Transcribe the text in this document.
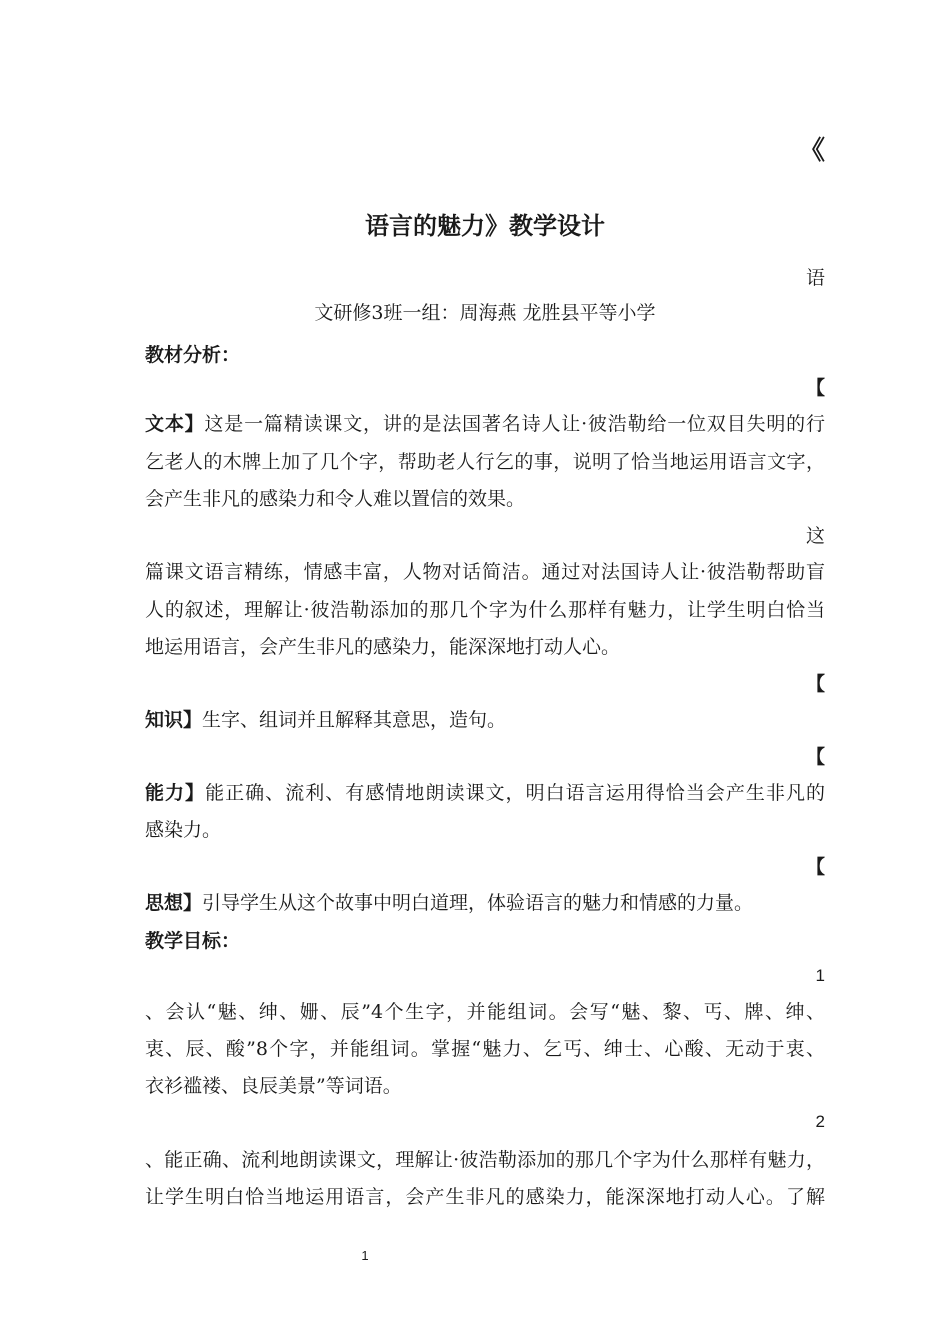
《
语言的魅力》教学设计
语
文研修3班一组：周海燕 龙胜县平等小学
教材分析：
【
文本】这是一篇精读课文，讲的是法国著名诗人让·彼浩勒给一位双目失明的行
乞老人的木牌上加了几个字，帮助老人行乞的事，说明了恰当地运用语言文字，
会产生非凡的感染力和令人难以置信的效果。
这
篇课文语言精练，情感丰富，人物对话简洁。通过对法国诗人让·彼浩勒帮助盲
人的叙述，理解让·彼浩勒添加的那几个字为什么那样有魅力，让学生明白恰当
地运用语言，会产生非凡的感染力，能深深地打动人心。
【
知识】生字、组词并且解释其意思，造句。
【
能力】能正确、流利、有感情地朗读课文，明白语言运用得恰当会产生非凡的
感染力。
【
思想】引导学生从这个故事中明白道理，体验语言的魅力和情感的力量。
教学目标：
1
、会认“魅、绅、姗、辰”4个生字，并能组词。会写“魅、黎、丐、牌、绅、
衷、辰、酸”8个字，并能组词。掌握“魅力、乞丐、绅士、心酸、无动于衷、
衣衫褴褛、良辰美景”等词语。
2
、能正确、流利地朗读课文，理解让·彼浩勒添加的那几个字为什么那样有魅力，
让学生明白恰当地运用语言，会产生非凡的感染力，能深深地打动人心。了解
1
